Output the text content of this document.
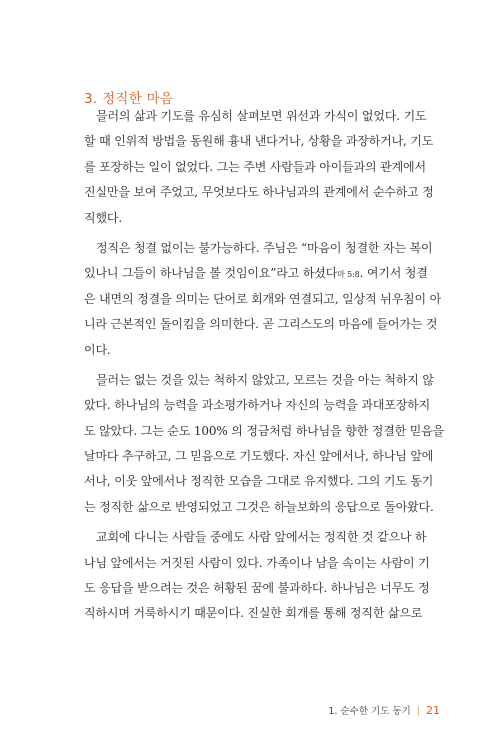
3. 정직한 마음
믈러의 삶과 기도를 유심히 살펴보면 위선과 가식이 없었다. 기도
할 때 인위적 방법을 동원해 흉내 낸다거나, 상황을 과장하거나, 기도
를 포장하는 일이 없었다. 그는 주변 사람들과 아이들과의 관계에서
진실만을 보여 주었고, 무엇보다도 하나님과의 관계에서 순수하고 정
직했다.
정직은 청결 없이는 불가능하다. 주님은 “마음이 청결한 자는 복이
있나니 그들이 하나님을 볼 것임이요”라고 하셨다마 5:8. 여기서 청결
은 내면의 정결을 의미는 단어로 회개와 연결되고, 일상적 뉘우침이 아
니라 근본적인 돌이킴을 의미한다. 곧 그리스도의 마음에 들어가는 것
이다.
믈러는 없는 것을 있는 척하지 않았고, 모르는 것을 아는 척하지 않
았다. 하나님의 능력을 과소평가하거나 자신의 능력을 과대포장하지
도 않았다. 그는 순도 100% 의 정금처럼 하나님을 향한 정결한 믿음을
날마다 추구하고, 그 믿음으로 기도했다. 자신 앞에서나, 하나님 앞에
서나, 이웃 앞에서나 정직한 모습을 그대로 유지했다. 그의 기도 동기
는 정직한 삶으로 반영되었고 그것은 하늘보화의 응답으로 돌아왔다.
교회에 다니는 사람들 중에도 사람 앞에서는 정직한 것 같으나 하
나님 앞에서는 거짓된 사람이 있다. 가족이나 남을 속이는 사람이 기
도 응답을 받으려는 것은 허황된 꿈에 불과하다. 하나님은 너무도 정
직하시며 거룩하시기 때문이다. 진실한 회개를 통해 정직한 삶으로
1. 순수한 기도 동기 | 21
